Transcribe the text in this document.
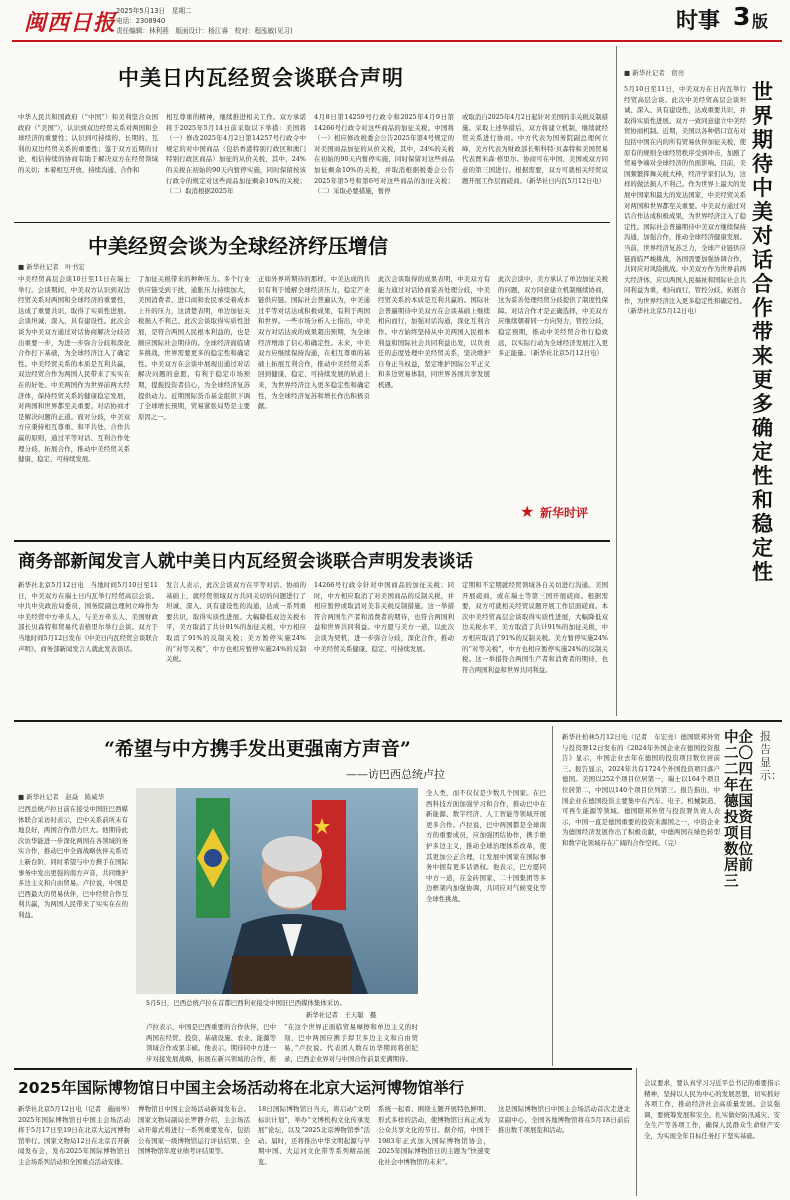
闽西日报 2025年5月13日　星期二
电话：2308940
责任编辑：林利燕　版面设计：杨江睿　校对：程泓敏(见习)	时事 3 版
中美日内瓦经贸会谈联合声明
中华人民共和国政府（“中国”）和美利坚合众国政府（“美国”），认识到双边经贸关系对两国和全球经济的重要性；认识到可持续的、长期的、互利的双边经贸关系的重要性；鉴于双方近期的讨论，相信持续的协商有助于解决双方在经贸领域的关切；本着相互开放、持续沟通、合作和
相互尊重的精神，继续推进相关工作。双方承诺将于2025年5月14日前采取以下举措：美国将（一）修改2025年4月2日第14257号行政令中规定的对中国商品（包括香港特别行政区和澳门特别行政区商品）加征的从价关税，其中，24%的关税在初始的90天内暂停实施，同时保留按该行政令的规定对这些商品加征剩余10%的关税；（二）取消根据2025年
4月8日第14259号行政令和2025年4月9日第14266号行政令对这些商品的加征关税。中国将（一）相应修改税委会公告2025年第4号规定的对美国商品加征的从价关税，其中，24%的关税在初始的90天内暂停实施，同时保留对这些商品加征剩余10%的关税，并取消根据税委会公告2025年第5号和第6号对这些商品的加征关税；（二）采取必要措施，暂停
或取消自2025年4月2日起针对美国的非关税反制措施。采取上述举措后，双方将建立机制，继续就经贸关系进行协商。中方代表为国务院副总理何立峰，美方代表为财政部长斯科特·贝森特和美国贸易代表贾米森·格里尔。协商可在中国、美国或双方同意的第三国进行。根据需要，双方可就相关经贸议题开展工作层面磋商。（新华社日内瓦5月12日电）
中美经贸会谈为全球经济纾压增信
■ 新华社记者　叶书宏
中美经贸高层会谈10日至11日在瑞士举行。会谈期间，中美双方认识到双边经贸关系对两国和全球经济的重要性，达成了重要共识，取得了实质性进展。会谈坦诚、深入、具有建设性。此次会谈为中美双方通过对话协商解决分歧迈出重要一步，为进一步弥合分歧和深化合作打下基础，为全球经济注入了确定性。中美经贸关系的本质是互利共赢，双边经贸合作为两国人民带来了实实在在的好处。中美两国作为世界前两大经济体，保持经贸关系的健康稳定发展，对两国和世界都至关重要。对话协商才是解决问题的正道。面对分歧，中美双方应秉持相互尊重、和平共处、合作共赢的原则，通过平等对话、互利合作处理分歧、拓展合作，推动中美经贸关系健康、稳定、可持续发展。
了加征关税带来的种种压力。多个行业供应链受到干扰，通胀压力持续加大，美国消费者、进口商和农民承受着成本上升的压力，这清楚表明，单边加征关税损人不利己。此次会谈取得实质性进展，是符合两国人民根本利益的，也是顺应国际社会期待的。全球经济面临诸多挑战，世界需要更多的稳定性和确定性。中美双方在会谈中展现出通过对话解决问题的意愿，有利于稳定市场预期，提振投资者信心，为全球经济复苏提供动力。近期国际货币基金组织下调了全球增长预期，贸易紧张局势是主要原因之一。
正如外界所期待的那样，中美达成的共识有利于缓解全球经济压力，稳定产业链供应链。国际社会普遍认为，中美通过平等对话达成积极成果，有利于两国和世界。一些市场分析人士指出，中美双方对话达成的成果超出预期，为全球经济增添了信心和确定性。未来，中美双方应继续保持沟通，在相互尊重的基础上拓展互利合作，推动中美经贸关系回到健康、稳定、可持续发展的轨道上来，为世界经济注入更多稳定性和确定性，为全球经济复苏和增长作出积极贡献。
此次会谈取得的成果表明，中美双方有能力通过对话协商妥善处理分歧，中美经贸关系的本质是互利共赢的。国际社会普遍期待中美双方在会谈基础上继续相向而行，加强对话沟通，深化互利合作。中方始终坚持从中美两国人民根本利益和国际社会共同利益出发，以负责任的态度处理中美经贸关系，坚决维护自身正当权益，坚定维护国际公平正义和多边贸易体制，同世界各国共享发展机遇。
此次会谈中，美方承认了单边加征关税的问题，双方同意建立机制继续协商，这为妥善处理经贸分歧提供了制度性保障。对话合作才是正确选择，中美双方应继续朝着同一方向努力，管控分歧，稳定预期，推动中美经贸合作行稳致远，以实际行动为全球经济发展注入更多正能量。（新华社北京5月12日电）
★ 新华时评
商务部新闻发言人就中美日内瓦经贸会谈联合声明发表谈话
新华社北京5月12日电　当地时间5月10日至11日，中美双方在瑞士日内瓦举行经贸高层会谈。中共中央政治局委员、国务院副总理何立峰作为中美经贸中方牵头人，与美方牵头人、美国财政部长贝森特和贸易代表格里尔举行会谈。双方于当地时间5月12日发布《中美日内瓦经贸会谈联合声明》。商务部新闻发言人就此发表谈话。
发言人表示，此次会谈双方在平等对话、协商的基础上，就经贸领域双方共同关切的问题进行了坦诚、深入、具有建设性的沟通，达成一系列重要共识，取得实质性进展。大幅降低双边关税水平，美方取消了共计91%的加征关税，中方相应取消了91%的反制关税；美方暂停实施24%的“对等关税”，中方也相应暂停实施24%的反制关税。
14266号行政令针对中国商品的加征关税；同时，中方相应取消了对美国商品的反制关税，并相应暂停或取消对美非关税反制措施。这一举措符合两国生产者和消费者的期待，也符合两国利益和世界共同利益。中方愿与美方一道，以此次会谈为契机，进一步弥合分歧，深化合作，推动中美经贸关系健康、稳定、可持续发展。
定期和不定期就经贸领域各自关切进行沟通。美国开展磋商，或在瑞士等第三国开展磋商。根据需要，双方可就相关经贸议题开展工作层面磋商。本次中美经贸高层会谈取得实质性进展，大幅降低双边关税水平，美方取消了共计91%的加征关税，中方相应取消了91%的反制关税。美方暂停实施24%的“对等关税”，中方也相应暂停实施24%的反制关税。这一举措符合两国生产者和消费者的期待，也符合两国利益和世界共同利益。
■ 新华社记者　宿亮
世界期待中美对话合作带来更多确定性和稳定性
5月10日至11日，中美双方在日内瓦举行经贸高层会谈。此次中美经贸高层会谈坦诚、深入、具有建设性，达成重要共识，并取得实质性进展。双方一致同意建立中美经贸协商机制。近期，美国以各种借口宣布对包括中国在内的所有贸易伙伴加征关税，使原有的规则全球经贸秩序受到冲击，加剧了贸易争端对全球经济的负面影响。目前，美国频繁挥舞关税大棒，经济学家们认为，这样的做法损人不利己。作为世界上最大的发展中国家和最大的发达国家，中美经贸关系对两国和世界都至关重要。中美双方通过对话合作达成积极成果，为世界经济注入了稳定性。国际社会普遍期待中美双方继续保持沟通，加强合作，推动全球经济健康发展。当前，世界经济复苏乏力，全球产业链供应链面临严峻挑战，各国需要加强协调合作，共同应对风险挑战。中美双方作为世界前两大经济体，应以两国人民福祉和国际社会共同利益为重，相向而行，管控分歧，拓展合作，为世界经济注入更多稳定性和确定性。（新华社北京5月12日电）
“希望与中方携手发出更强南方声音”
——访巴西总统卢拉
■ 新华社记者　赵焱　陈威华
巴西总统卢拉日前在接受中国驻巴西媒体联合采访时表示，巴中关系前所未有地良好，两国合作潜力巨大。他期待此次访华能进一步深化两国在各领域的务实合作，推动巴中全面战略伙伴关系迈上新台阶，同时希望与中方携手在国际事务中发出更强的南方声音，共同维护多边主义和自由贸易。卢拉说，中国是巴西最大的贸易伙伴，巴中经贸合作互利共赢，为两国人民带来了实实在在的利益。
5月5日，巴西总统卢拉在首都巴西利亚接受中国驻巴西媒体集体采访。
新华社记者　王天聪　摄
全人类，而不仅仅是少数几个国家。在巴西科技方面加强学习和合作，推动巴中在新能源、数字经济、人工智能等领域开展更多合作。卢拉说，巴中两国都是全球南方的重要成员，应加强团结协作，携手维护多边主义，推动全球治理体系改革，使其更加公正合理，让发展中国家在国际事务中拥有更多话语权。他表示，巴方愿同中方一道，在金砖国家、二十国集团等多边框架内加强协调，共同应对气候变化等全球性挑战。
卢拉表示，中国是巴西重要的合作伙伴，巴中两国在经贸、投资、基础设施、农业、能源等领域合作成果丰硕。他表示，期待同中方进一步对接发展战略，拓展在新兴领域的合作，推
“在这个世界正面临贸易摩擦和单边主义的时刻，巴中两国应携手捍卫多边主义和自由贸易，”卢拉说。代表团人数在访华期间将创纪录，巴西企业界对与中国合作前景充满期待。
报告显示：
中企二〇二四年在德国投资项目数位居前三
新华社柏林5月12日电（记者　车宏亮）德国联邦外贸与投资署12日发布的《2024年外国企业在德国投资报告》显示，中国企业去年在德国的投资项目数位居前三。报告显示，2024年共有1724个外国投资项目落户德国。美国以252个项目位居第一，瑞士以164个项目位居第二，中国以140个项目位列第三。报告指出，中国企业在德国投资主要集中在汽车、电子、机械制造、可再生能源等领域。德国联邦外贸与投资署负责人表示，中国一直是德国重要的投资来源国之一，中资企业为德国经济发展作出了积极贡献，中德两国在绿色转型和数字化领域存在广阔的合作空间。（完）
2025年国际博物馆日中国主会场活动将在北京大运河博物馆举行
新华社北京5月12日电（记者　施雨岑）2025年国际博物馆日中国主会场活动将于5月17日至19日在北京大运河博物馆举行。国家文物局12日在北京召开新闻发布会，发布2025年国际博物馆日主会场系列活动和全国重点活动安排。
博物馆日中国主会场活动新闻发布会。国家文物局副局长罗静介绍，主会场活动开幕式将进行一系列重要发布，包括公布国家一级博物馆运行评估结果、全国博物馆年度业绩考评结果等。
18日国际博物馆日当天，将启动“文明标识计划”，举办“文博机构文化传承发展”论坛，以及“2025北京博物馆季”活动。届时，还将推出中华文明起源与早期中国、大运河文化带等系列精品展览。
系统一起看、围绕主题开展特色鲜明、形式多样的活动，使博物馆日真正成为公众共享文化的节日。据介绍，中国于1983年正式加入国际博物馆协会，2025年国际博物馆日的主题为“快速变化社会中博物馆的未来”。
这是国际博物馆日中国主会场活动首次走进北京副中心，全国各地博物馆将在5月18日前后推出数千项展览和活动。
会议要求，要认真学习习近平总书记的重要指示精神，坚持以人民为中心的发展思想，切实抓好各项工作，推动经济社会高质量发展。会议强调，要统筹发展和安全，扎实做好防汛减灾、安全生产等各项工作，确保人民群众生命财产安全，为实现全年目标任务打下坚实基础。
